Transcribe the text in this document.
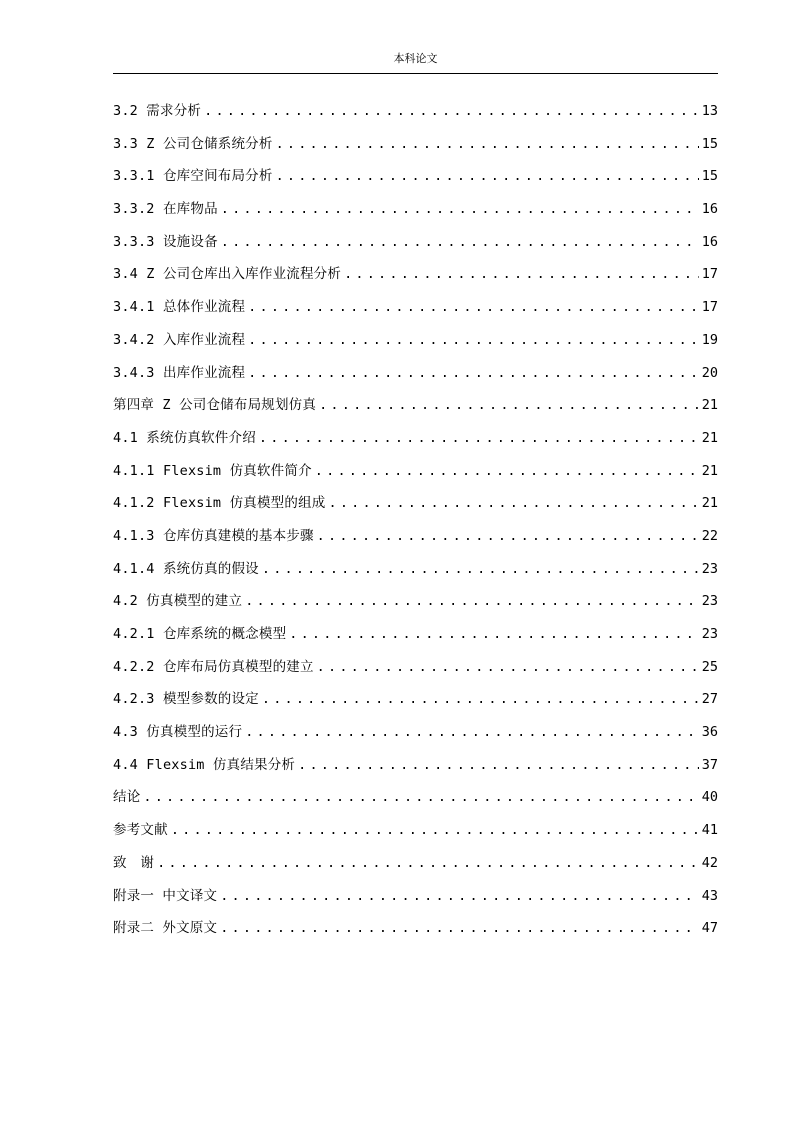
本科论文
3.2 需求分析 .....	13
3.3 Z 公司仓储系统分析 .....	15
3.3.1 仓库空间布局分析 .....	15
3.3.2 在库物品 .....	16
3.3.3 设施设备 .....	16
3.4 Z 公司仓库出入库作业流程分析 .....	17
3.4.1 总体作业流程 .....	17
3.4.2 入库作业流程 .....	19
3.4.3 出库作业流程 .....	20
第四章 Z 公司仓储布局规划仿真 .....	21
4.1 系统仿真软件介绍 .....	21
4.1.1 Flexsim 仿真软件简介 .....	21
4.1.2 Flexsim 仿真模型的组成 .....	21
4.1.3 仓库仿真建模的基本步骤 .....	22
4.1.4 系统仿真的假设 .....	23
4.2 仿真模型的建立 .....	23
4.2.1 仓库系统的概念模型 .....	23
4.2.2 仓库布局仿真模型的建立 .....	25
4.2.3 模型参数的设定 .....	27
4.3 仿真模型的运行 .....	36
4.4 Flexsim 仿真结果分析 .....	37
结论 .....	40
参考文献 .....	41
致　谢 .....	42
附录一 中文译文 .....	43
附录二 外文原文 .....	47
